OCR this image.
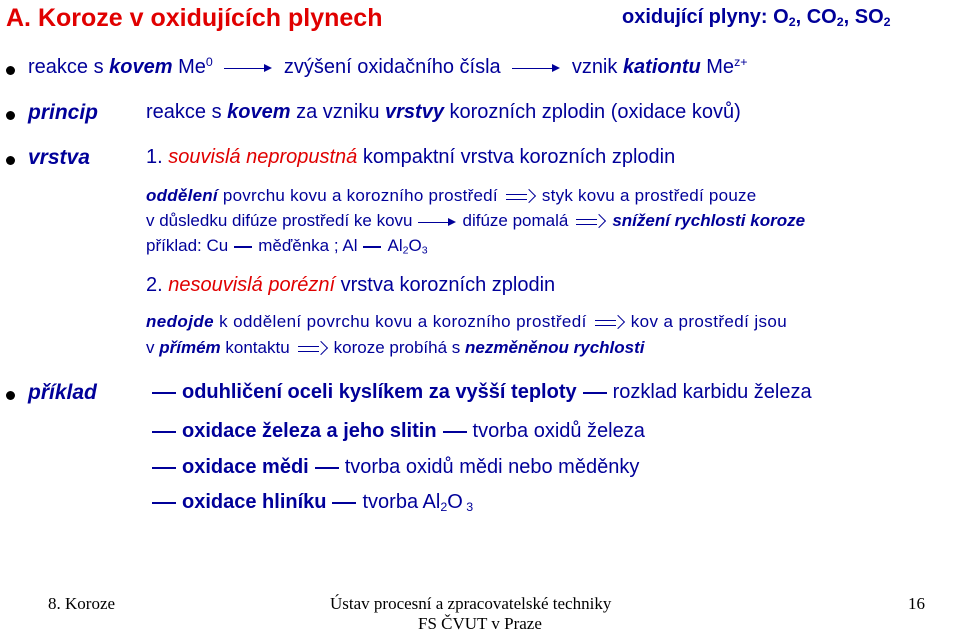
A. Koroze v oxidujících plynech	oxidující plyny: $O_2$, $CO_2$, $SO_2$
reakce s kovem Me$^0$	zvýšení oxidačního čísla	vznik kationtu $Me^{z+}$
princip reakce s kovem za vzniku vrstvy korozních zplodin (oxidace kovů)
vrstva	1. souvislá nepropustná kompaktní vrstva korozních zplodin
oddělení povrchu kovu a korozního prostředí	styk kovu a prostředí pouze
v důsledku difúze prostředí ke kovu	difúze pomalá	snížení rychlosti koroze
příklad: Cu měďěnka ; Al $Al_2O_3$
2. nesouvislá porézní vrstva korozních zplodin
nedojde k oddělení povrchu kovu a korozního prostředí	kov a prostředí jsou
v přímém kontaktu	koroze probíhá s nezměněnou rychlosti
příklad	oduhličení oceli kyslíkem za vyšší teploty rozklad karbidu železa
oxidace železa a jeho slitin tvorba oxidů železa
oxidace mědi tvorba oxidů mědi nebo měděnky
oxidace hliníku tvorba $Al_2O$ $_3$
8. Koroze	Ústav procesní a zpracovatelské techniky
FS ČVUT v Praze
16
